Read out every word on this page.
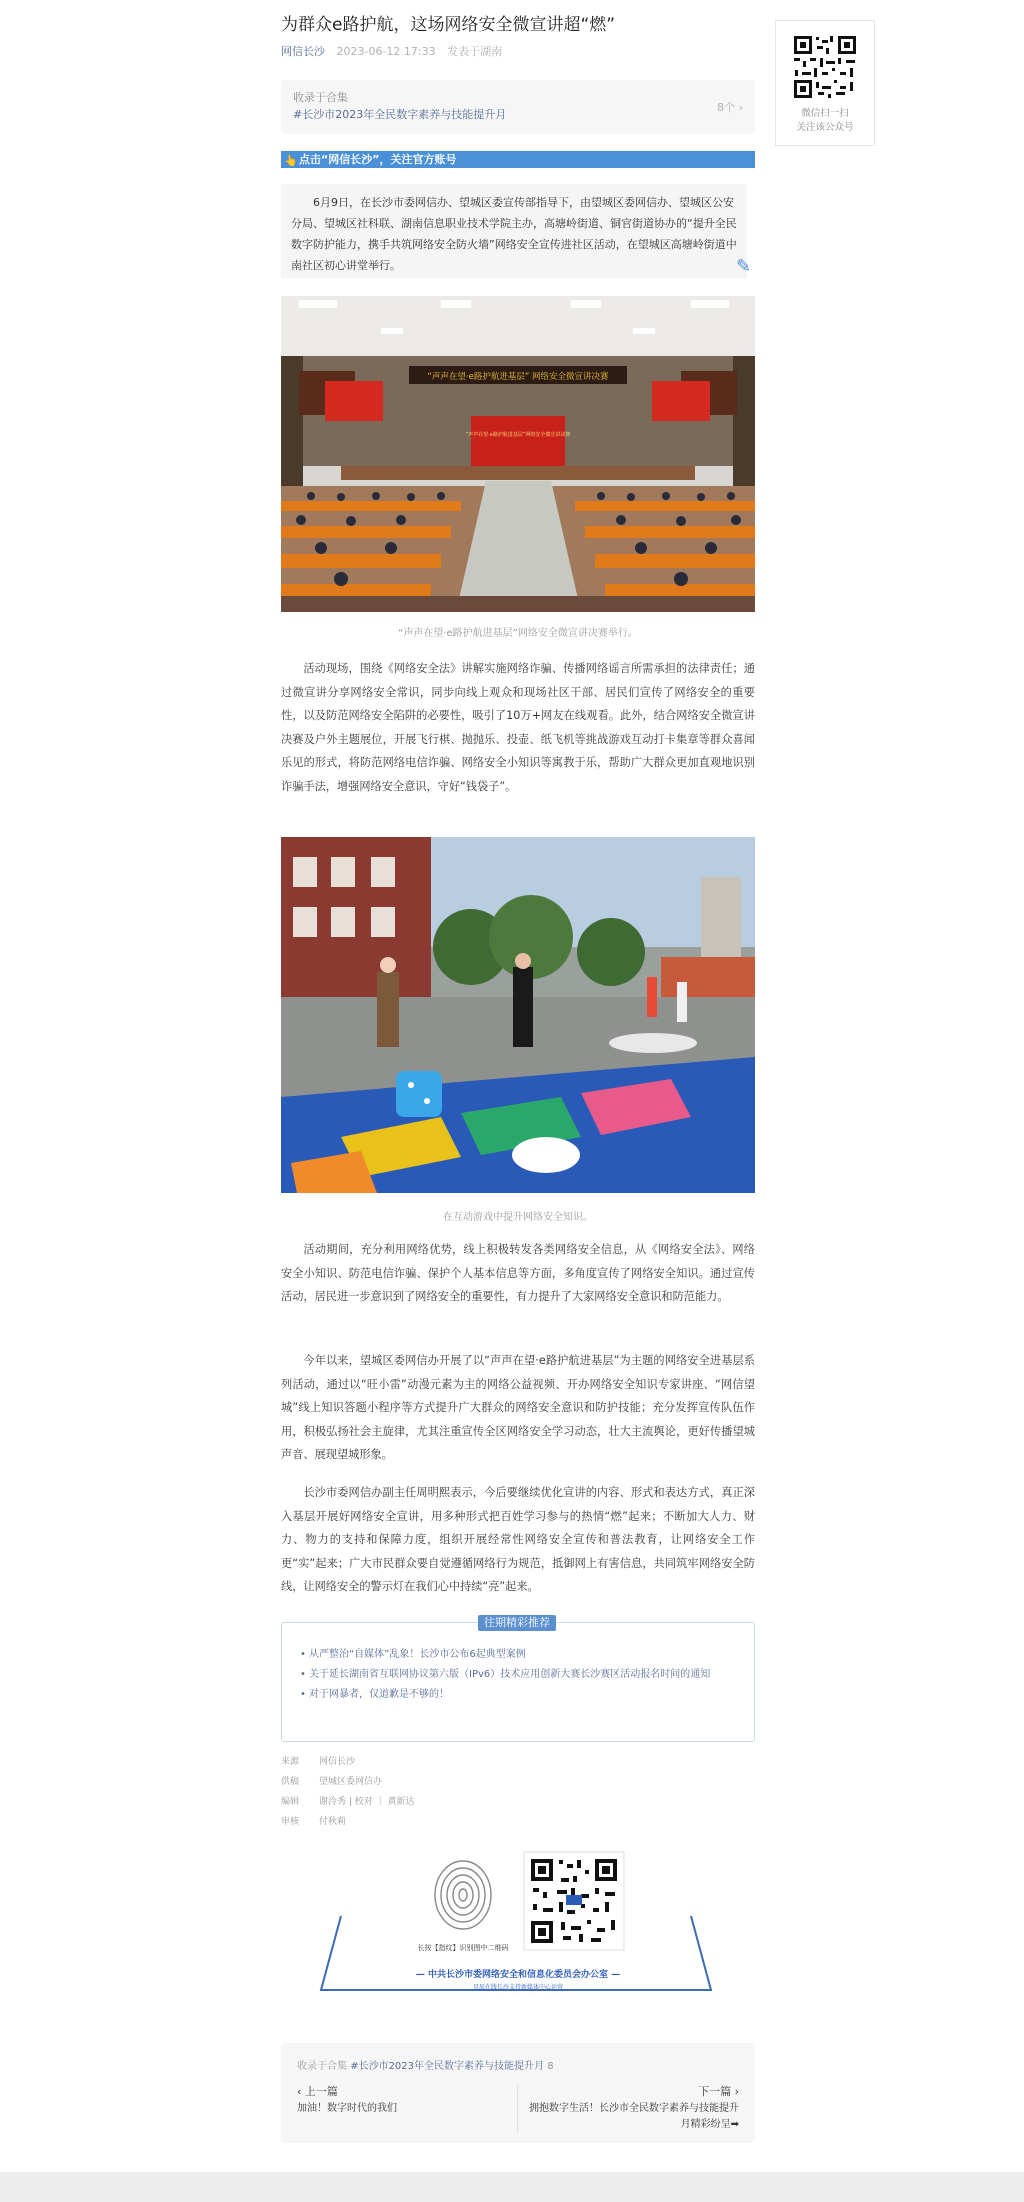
为群众e路护航，这场网络安全微宣讲超“燃”
网信长沙 2023-06-12 17:33 发表于湖南
收录于合集
#长沙市2023年全民数字素养与技能提升月
8个 ›
👆 点击“网信长沙”，关注官方账号
6月9日，在长沙市委网信办、望城区委宣传部指导下，由望城区委网信办、望城区公安分局、望城区社科联、湖南信息职业技术学院主办，高塘岭街道、铜官街道协办的“提升全民数字防护能力，携手共筑网络安全防火墙”网络安全宣传进社区活动，在望城区高塘岭街道中南社区初心讲堂举行。	✎
“声声在望·e路护航进基层” 网络安全微宣讲决赛
“声声在望·e路护航进基层”网络安全微宣讲决赛
“声声在望·e路护航进基层”网络安全微宣讲决赛举行。

活动现场，围绕《网络安全法》讲解实施网络诈骗、传播网络谣言所需承担的法律责任；通过微宣讲分享网络安全常识，同步向线上观众和现场社区干部、居民们宣传了网络安全的重要性，以及防范网络安全陷阱的必要性，吸引了10万+网友在线观看。此外，结合网络安全微宣讲决赛及户外主题展位，开展飞行棋、抛抛乐、投壶、纸飞机等挑战游戏互动打卡集章等群众喜闻乐见的形式，将防范网络电信诈骗、网络安全小知识等寓教于乐，帮助广大群众更加直观地识别诈骗手法，增强网络安全意识，守好“钱袋子”。

在互动游戏中提升网络安全知识。

活动期间，充分利用网络优势，线上积极转发各类网络安全信息，从《网络安全法》、网络安全小知识、防范电信诈骗、保护个人基本信息等方面，多角度宣传了网络安全知识。通过宣传活动，居民进一步意识到了网络安全的重要性，有力提升了大家网络安全意识和防范能力。

今年以来，望城区委网信办开展了以“声声在望·e路护航进基层”为主题的网络安全进基层系列活动，通过以“旺小雷”动漫元素为主的网络公益视频、开办网络安全知识专家讲座、“网信望城”线上知识答题小程序等方式提升广大群众的网络安全意识和防护技能；充分发挥宣传队伍作用，积极弘扬社会主旋律，尤其注重宣传全区网络安全学习动态，壮大主流舆论，更好传播望城声音、展现望城形象。

长沙市委网信办副主任周明熙表示，今后要继续优化宣讲的内容、形式和表达方式，真正深入基层开展好网络安全宣讲，用多种形式把百姓学习参与的热情“燃”起来；不断加大人力、财力、物力的支持和保障力度，组织开展经常性网络安全宣传和普法教育，让网络安全工作更“实”起来；广大市民群众要自觉遵循网络行为规范，抵御网上有害信息，共同筑牢网络安全防线，让网络安全的警示灯在我们心中持续“亮”起来。

往期精彩推荐
• 从严整治“自媒体”乱象！长沙市公布6起典型案例
• 关于延长湖南省互联网协议第六版（IPv6）技术应用创新大赛长沙赛区活动报名时间的通知
• 对于网暴者，仅道歉是不够的！
来源 网信长沙
供稿 望城区委网信办
编辑 谢泠秀 | 校对 ｜ 黄新达
审核 付秋莉
长按【指纹】识别图中二维码
— 中共长沙市委网络安全和信息化委员会办公室 —
星辰在线长沙支持新媒体中心运营
收录于合集 #长沙市2023年全民数字素养与技能提升月 8
‹ 上一篇
加油！数字时代的我们
下一篇 ›
拥抱数字生活！长沙市全民数字素养与技能提升月精彩纷呈➡
微信扫一扫
关注该公众号
